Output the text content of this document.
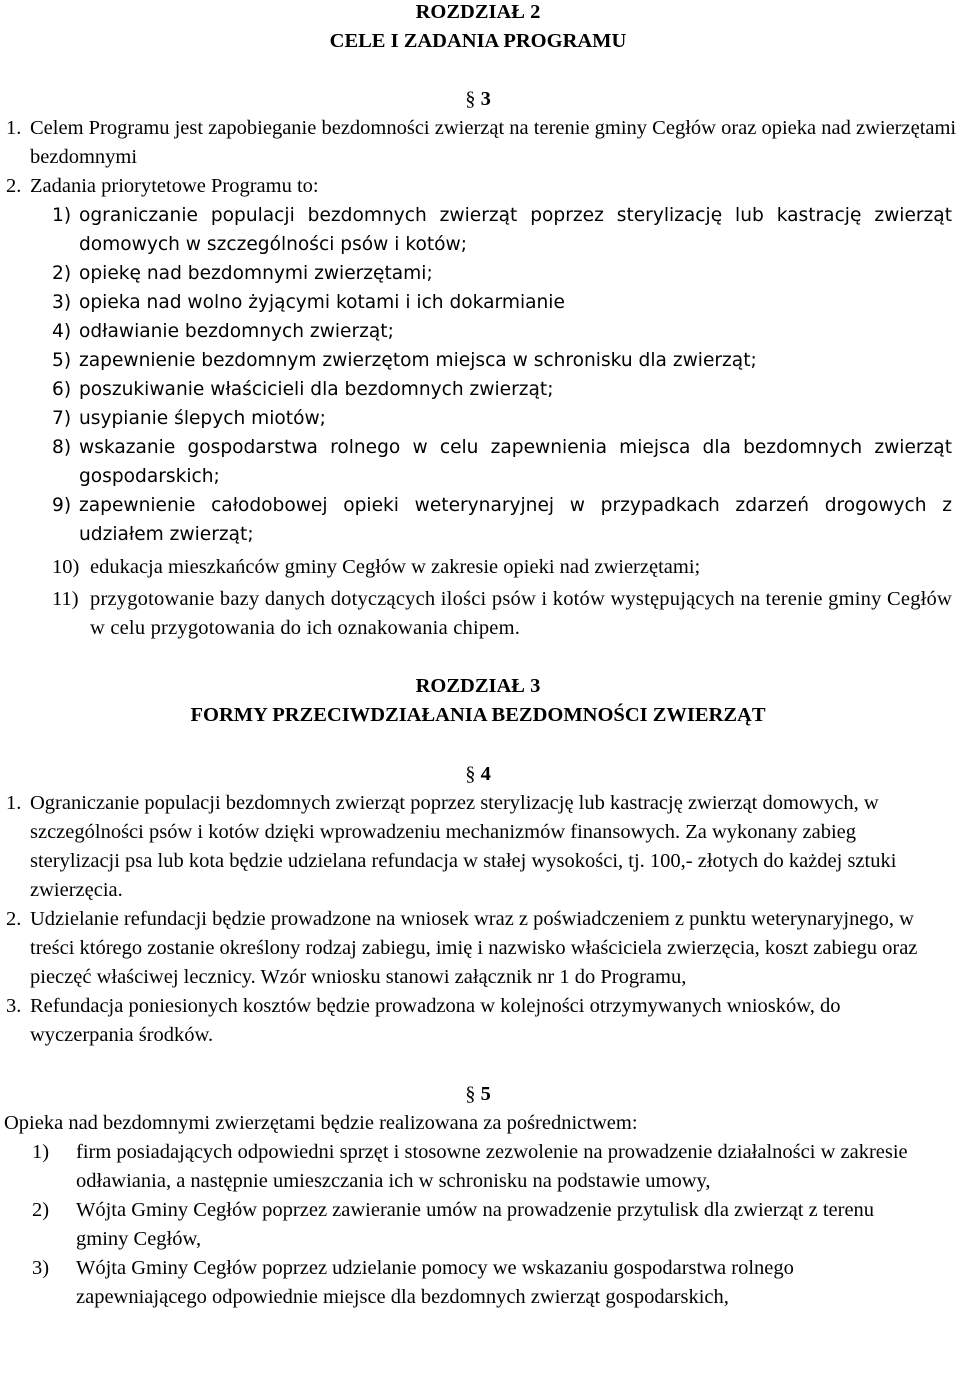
ROZDZIAŁ 2

CELE I ZADANIA PROGRAMU

§ 3

1. Celem Programu jest zapobieganie bezdomności zwierząt na terenie gminy Cegłów oraz opieka nad zwierzętami bezdomnymi
2. Zadania priorytetowe Programu to:
1) ograniczanie populacji bezdomnych zwierząt poprzez sterylizację lub kastrację zwierząt domowych w szczególności psów i kotów;
2) opiekę nad bezdomnymi zwierzętami;
3) opieka nad wolno żyjącymi kotami i ich dokarmianie
4) odławianie bezdomnych zwierząt;
5) zapewnienie bezdomnym zwierzętom miejsca w schronisku dla zwierząt;
6) poszukiwanie właścicieli dla bezdomnych zwierząt;
7) usypianie ślepych miotów;
8) wskazanie gospodarstwa rolnego w celu zapewnienia miejsca dla bezdomnych zwierząt gospodarskich;
9) zapewnienie całodobowej opieki weterynaryjnej w przypadkach zdarzeń drogowych z udziałem zwierząt;
10) edukacja mieszkańców gminy Cegłów w zakresie opieki nad zwierzętami;
11) przygotowanie bazy danych dotyczących ilości psów i kotów występujących na terenie gminy Cegłów w celu przygotowania do ich oznakowania chipem.

ROZDZIAŁ 3

FORMY PRZECIWDZIAŁANIA BEZDOMNOŚCI ZWIERZĄT

§ 4

1. Ograniczanie populacji bezdomnych zwierząt poprzez sterylizację lub kastrację zwierząt domowych, w szczególności psów i kotów dzięki wprowadzeniu mechanizmów finansowych. Za wykonany zabieg sterylizacji psa lub kota będzie udzielana refundacja w stałej wysokości, tj. 100,- złotych do każdej sztuki zwierzęcia.
2. Udzielanie refundacji będzie prowadzone na wniosek wraz z poświadczeniem z punktu weterynaryjnego, w treści którego zostanie określony rodzaj zabiegu, imię i nazwisko właściciela zwierzęcia, koszt zabiegu oraz pieczęć właściwej lecznicy. Wzór wniosku stanowi załącznik nr 1 do Programu,
3. Refundacja poniesionych kosztów będzie prowadzona w kolejności otrzymywanych wniosków, do wyczerpania środków.

§ 5

Opieka nad bezdomnymi zwierzętami będzie realizowana za pośrednictwem:

1) firm posiadających odpowiedni sprzęt i stosowne zezwolenie na prowadzenie działalności w zakresie odławiania, a następnie umieszczania ich w schronisku na podstawie umowy,
2) Wójta Gminy Cegłów poprzez zawieranie umów na prowadzenie przytulisk dla zwierząt z terenu gminy Cegłów,
3) Wójta Gminy Cegłów poprzez udzielanie pomocy we wskazaniu gospodarstwa rolnego zapewniającego odpowiednie miejsce dla bezdomnych zwierząt gospodarskich,
